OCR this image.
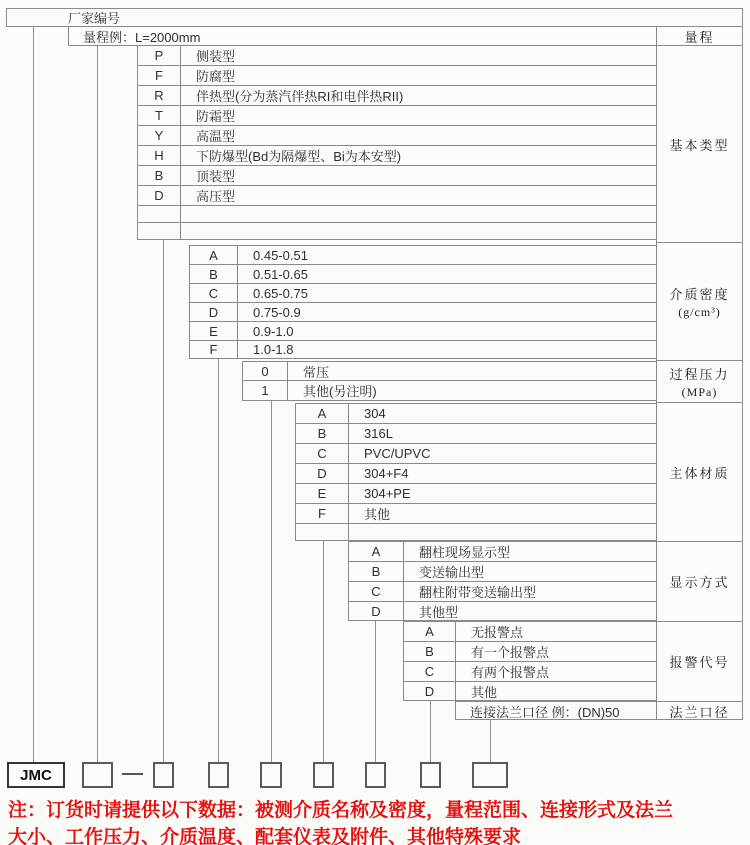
厂家编号
量程例：L=2000mm	量程
基本类型
介质密度
(g/cm³)
过程压力
(MPa)
主体材质
显示方式
报警代号
法兰口径
P	侧装型
F	防腐型
R	伴热型(分为蒸汽伴热RI和电伴热RII)
T	防霜型
Y	高温型
H	下防爆型(Bd为隔爆型、Bi为本安型)
B	顶装型
D	高压型
A	0.45-0.51
B	0.51-0.65
C	0.65-0.75
D	0.75-0.9
E	0.9-1.0
F	1.0-1.8
0	常压
1	其他(另注明)
A	304
B	316L
C	PVC/UPVC
D	304+F4
E	304+PE
F	其他
A	翻柱现场显示型
B	变送输出型
C	翻柱附带变送输出型
D	其他型
A	无报警点
B	有一个报警点
C	有两个报警点
D	其他
连接法兰口径 例：(DN)50
JMC
注：订货时请提供以下数据：被测介质名称及密度，量程范围、连接形式及法兰
大小、工作压力、介质温度、配套仪表及附件、其他特殊要求
